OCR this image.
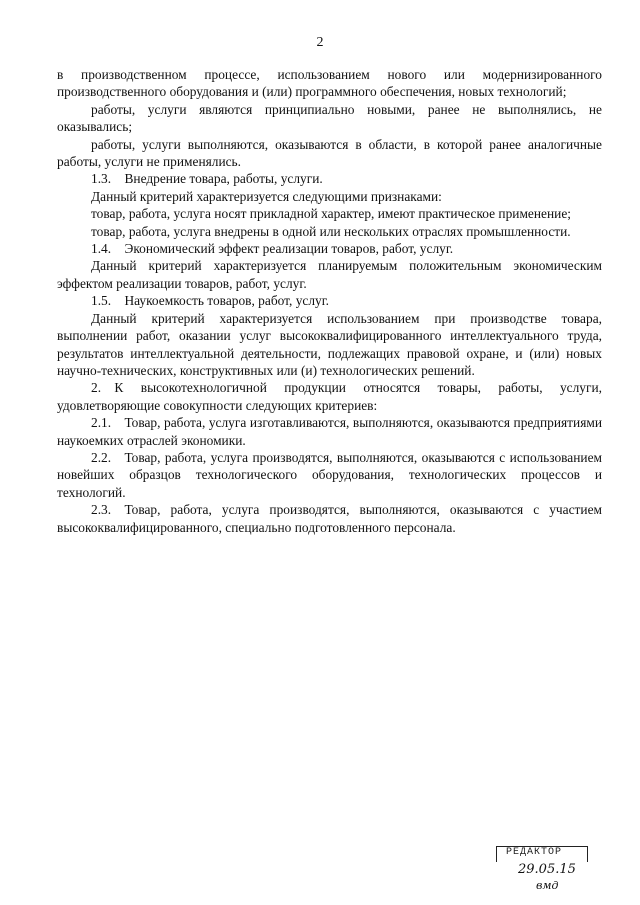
2

в производственном процессе, использованием нового или модернизированного производственного оборудования и (или) программного обеспечения, новых технологий;

работы, услуги являются принципиально новыми, ранее не выполнялись, не оказывались;

работы, услуги выполняются, оказываются в области, в которой ранее аналогичные работы, услуги не применялись.

1.3. Внедрение товара, работы, услуги.

Данный критерий характеризуется следующими признаками:

товар, работа, услуга носят прикладной характер, имеют практическое применение;

товар, работа, услуга внедрены в одной или нескольких отраслях промышленности.

1.4. Экономический эффект реализации товаров, работ, услуг.

Данный критерий характеризуется планируемым положительным экономическим эффектом реализации товаров, работ, услуг.

1.5. Наукоемкость товаров, работ, услуг.

Данный критерий характеризуется использованием при производстве товара, выполнении работ, оказании услуг высококвалифицированного интеллектуального труда, результатов интеллектуальной деятельности, подлежащих правовой охране, и (или) новых научно-технических, конструктивных или (и) технологических решений.

2. К высокотехнологичной продукции относятся товары, работы, услуги, удовлетворяющие совокупности следующих критериев:

2.1. Товар, работа, услуга изготавливаются, выполняются, оказываются предприятиями наукоемких отраслей экономики.

2.2. Товар, работа, услуга производятся, выполняются, оказываются с использованием новейших образцов технологического оборудования, технологических процессов и технологий.

2.3. Товар, работа, услуга производятся, выполняются, оказываются с участием высококвалифицированного, специально подготовленного персонала.

РЕДАКТОР
29.05.15
вмд
